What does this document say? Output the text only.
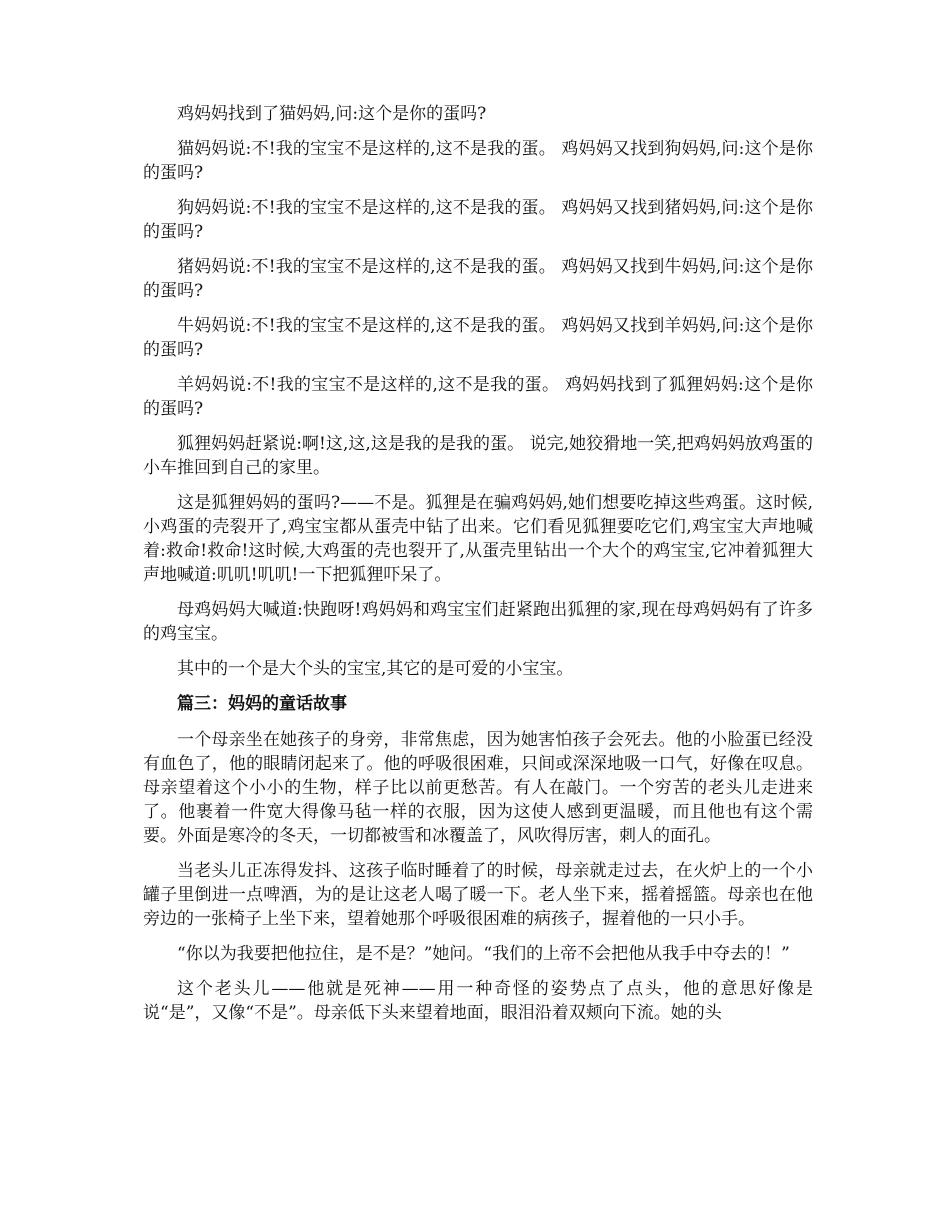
鸡妈妈找到了猫妈妈,问:这个是你的蛋吗?

猫妈妈说:不!我的宝宝不是这样的,这不是我的蛋。 鸡妈妈又找到狗妈妈,问:这个是你的蛋吗?

狗妈妈说:不!我的宝宝不是这样的,这不是我的蛋。 鸡妈妈又找到猪妈妈,问:这个是你的蛋吗?

猪妈妈说:不!我的宝宝不是这样的,这不是我的蛋。 鸡妈妈又找到牛妈妈,问:这个是你的蛋吗?

牛妈妈说:不!我的宝宝不是这样的,这不是我的蛋。 鸡妈妈又找到羊妈妈,问:这个是你的蛋吗?

羊妈妈说:不!我的宝宝不是这样的,这不是我的蛋。 鸡妈妈找到了狐狸妈妈:这个是你的蛋吗?

狐狸妈妈赶紧说:啊!这,这,这是我的是我的蛋。 说完,她狡猾地一笑,把鸡妈妈放鸡蛋的小车推回到自己的家里。

这是狐狸妈妈的蛋吗?——不是。狐狸是在骗鸡妈妈,她们想要吃掉这些鸡蛋。这时候,小鸡蛋的壳裂开了,鸡宝宝都从蛋壳中钻了出来。它们看见狐狸要吃它们,鸡宝宝大声地喊着:救命!救命!这时候,大鸡蛋的壳也裂开了,从蛋壳里钻出一个大个的鸡宝宝,它冲着狐狸大声地喊道:叽叽!叽叽!一下把狐狸吓呆了。

母鸡妈妈大喊道:快跑呀!鸡妈妈和鸡宝宝们赶紧跑出狐狸的家,现在母鸡妈妈有了许多的鸡宝宝。

其中的一个是大个头的宝宝,其它的是可爱的小宝宝。

篇三：妈妈的童话故事

一个母亲坐在她孩子的身旁，非常焦虑，因为她害怕孩子会死去。他的小脸蛋已经没有血色了，他的眼睛闭起来了。他的呼吸很困难，只间或深深地吸一口气，好像在叹息。母亲望着这个小小的生物，样子比以前更愁苦。有人在敲门。一个穷苦的老头儿走进来了。他裹着一件宽大得像马毡一样的衣服，因为这使人感到更温暖，而且他也有这个需要。外面是寒冷的冬天，一切都被雪和冰覆盖了，风吹得厉害，刺人的面孔。

当老头儿正冻得发抖、这孩子临时睡着了的时候，母亲就走过去，在火炉上的一个小罐子里倒进一点啤酒，为的是让这老人喝了暖一下。老人坐下来，摇着摇篮。母亲也在他旁边的一张椅子上坐下来，望着她那个呼吸很困难的病孩子，握着他的一只小手。

“你以为我要把他拉住，是不是？”她问。“我们的上帝不会把他从我手中夺去的！”

这个老头儿——他就是死神——用一种奇怪的姿势点了点头，他的意思好像是说“是”，又像“不是”。母亲低下头来望着地面，眼泪沿着双颊向下流。她的头
